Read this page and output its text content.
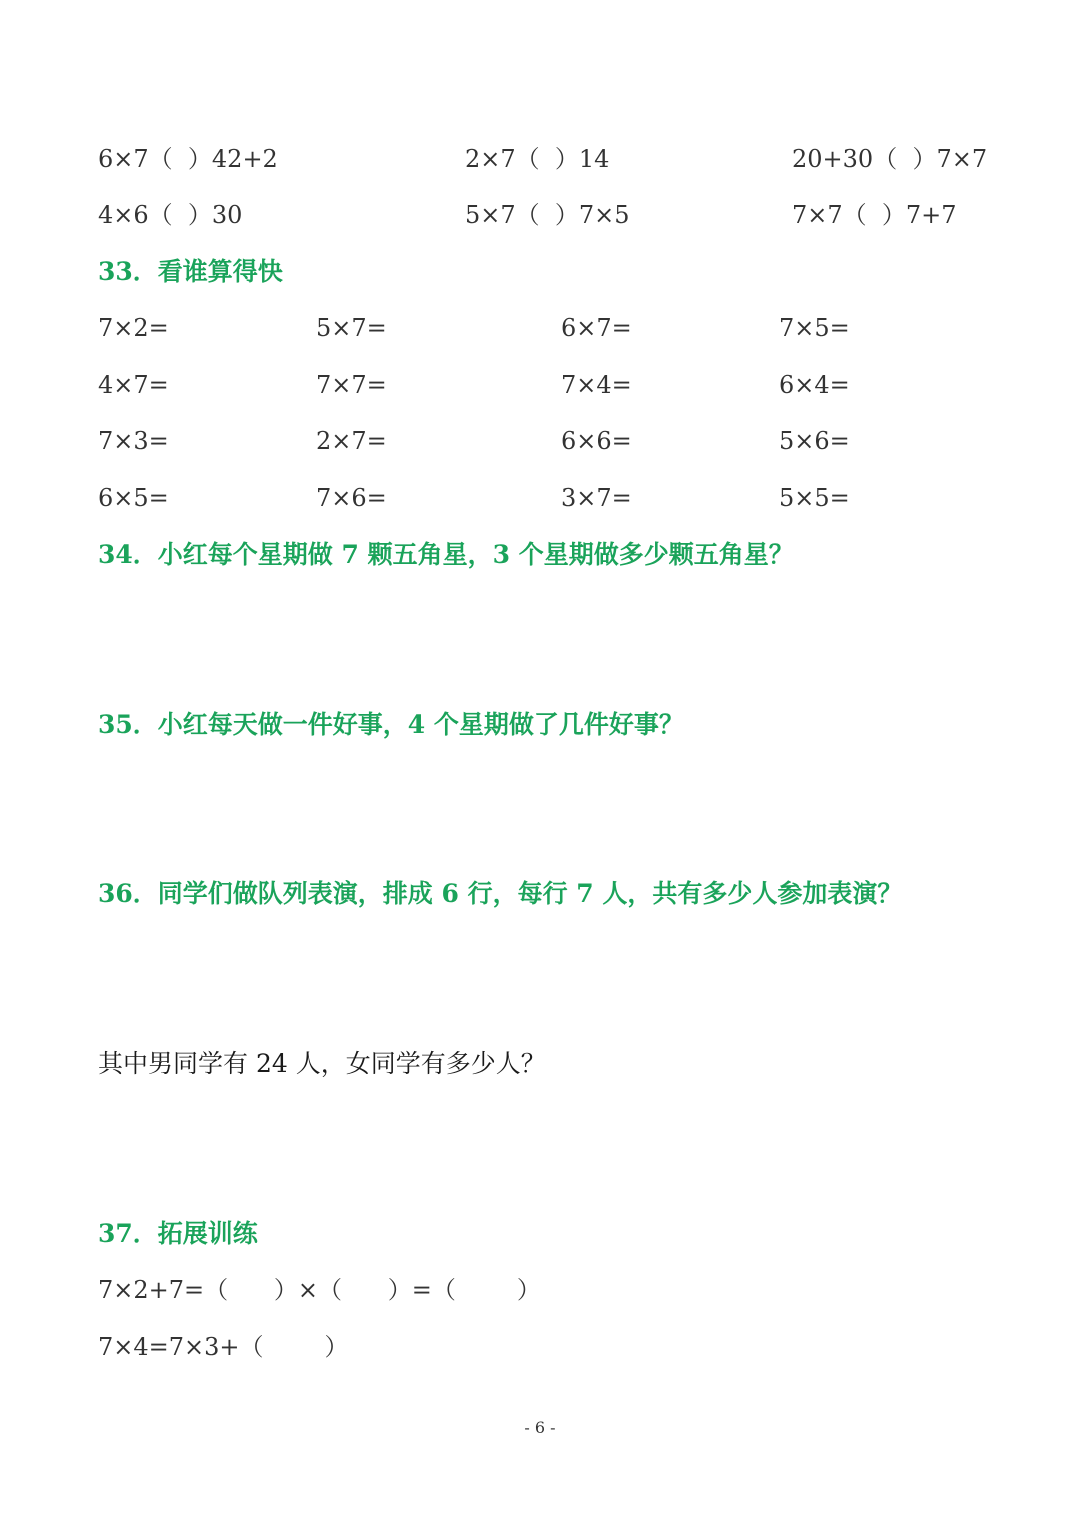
6×7（  ）42+2	2×7（  ）14	20+30（  ）7×7
4×6（  ）30	5×7（  ）7×5	7×7（  ）7+7
33．看谁算得快
7×2=	5×7=	6×7=	7×5=
4×7=	7×7=	7×4=	6×4=
7×3=	2×7=	6×6=	5×6=
6×5=	7×6=	3×7=	5×5=
34．小红每个星期做 7 颗五角星，3 个星期做多少颗五角星？
35．小红每天做一件好事，4 个星期做了几件好事？
36．同学们做队列表演，排成 6 行，每行 7 人，共有多少人参加表演？
其中男同学有 24 人，女同学有多少人？
37．拓展训练
7×2+7=（      ）×（      ）=（        ）
7×4=7×3+（        ）
- 6 -
